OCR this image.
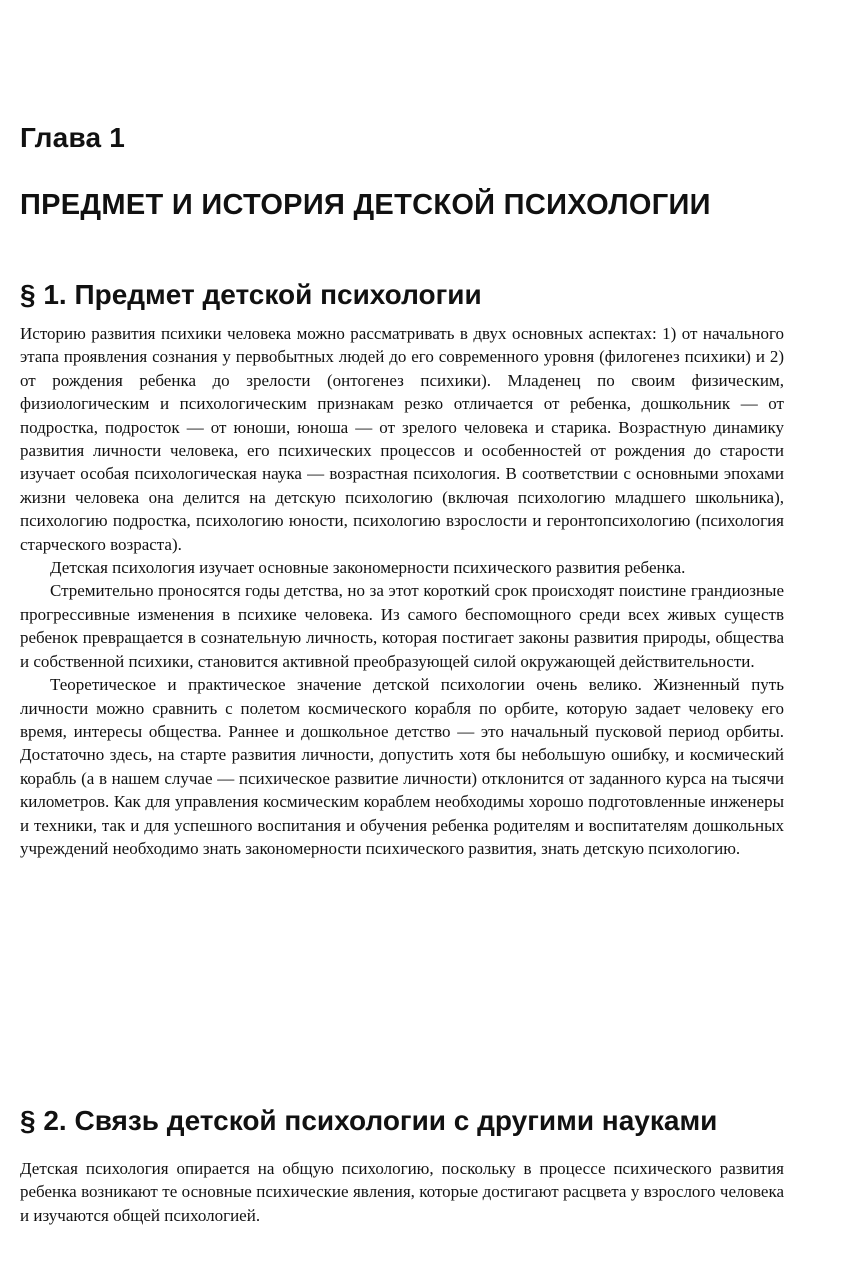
Глава 1
ПРЕДМЕТ И ИСТОРИЯ ДЕТСКОЙ ПСИХОЛОГИИ
§ 1. Предмет детской психологии

Историю развития психики человека можно рассматривать в двух основных аспектах: 1) от начального этапа проявления сознания у первобытных людей до его современного уровня (филогенез психики) и 2) от рождения ребенка до зрелости (онтогенез психики). Младенец по своим физическим, физиологическим и психологическим признакам резко отличается от ребенка, дошкольник — от подростка, подросток — от юноши, юноша — от зрелого человека и старика. Возрастную динамику развития личности человека, его психических процессов и особенностей от рождения до старости изучает особая психологическая наука — возрастная психология. В соответствии с основными эпохами жизни человека она делится на детскую психологию (включая психологию младшего школьника), психологию подростка, психологию юности, психологию взрослости и геронтопсихологию (психология старческого возраста).

Детская психология изучает основные закономерности психического развития ребенка.

Стремительно проносятся годы детства, но за этот короткий срок происходят поистине грандиозные прогрессивные изменения в психике человека. Из самого беспомощного среди всех живых существ ребенок превращается в сознательную личность, которая постигает законы развития природы, общества и собственной психики, становится активной преобразующей силой окружающей действительности.

Теоретическое и практическое значение детской психологии очень велико. Жизненный путь личности можно сравнить с полетом космического корабля по орбите, которую задает человеку его время, интересы общества. Раннее и дошкольное детство — это начальный пусковой период орбиты. Достаточно здесь, на старте развития личности, допустить хотя бы небольшую ошибку, и космический корабль (а в нашем случае — психическое развитие личности) отклонится от заданного курса на тысячи километров. Как для управления космическим кораблем необходимы хорошо подготовленные инженеры и техники, так и для успешного воспитания и обучения ребенка родителям и воспитателям дошкольных учреждений необходимо знать закономерности психического развития, знать детскую психологию.

§ 2. Связь детской психологии с другими науками

Детская психология опирается на общую психологию, поскольку в процессе психического развития ребенка возникают те основные психические явления, которые достигают расцвета у взрослого человека и изучаются общей психологией.
